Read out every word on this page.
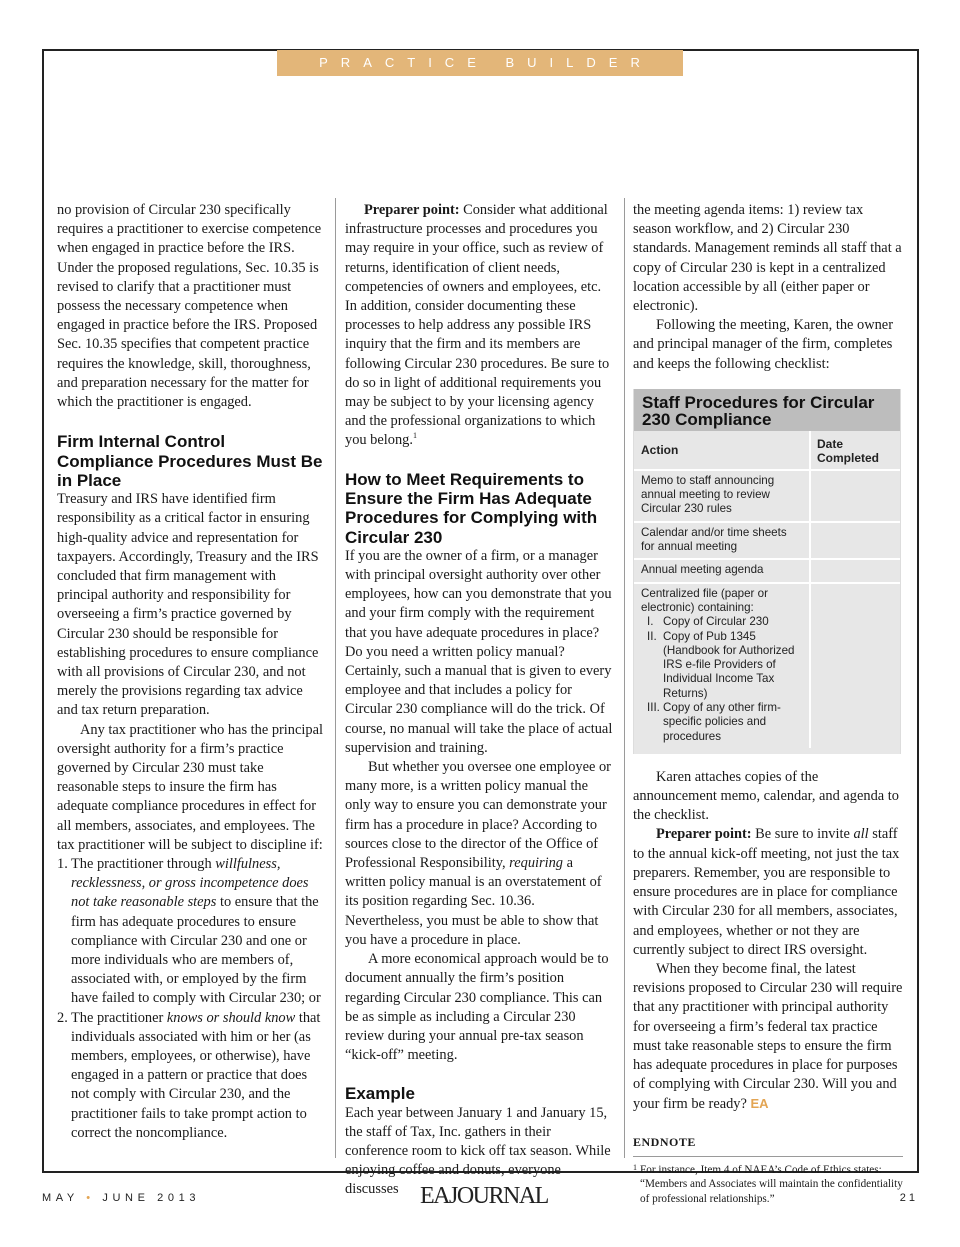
PRACTICE BUILDER

no provision of Circular 230 specifically requires a practitioner to exercise competence when engaged in practice before the IRS. Under the proposed regulations, Sec. 10.35 is revised to clarify that a practitioner must possess the necessary competence when engaged in practice before the IRS. Proposed Sec. 10.35 specifies that competent practice requires the knowledge, skill, thoroughness, and preparation necessary for the matter for which the practitioner is engaged.

Firm Internal Control Compliance Procedures Must Be in Place

Treasury and IRS have identified firm responsibility as a critical factor in ensuring high-quality advice and representation for taxpayers. Accordingly, Treasury and the IRS concluded that firm management with principal authority and responsibility for overseeing a firm’s practice governed by Circular 230 should be responsible for establishing procedures to ensure compliance with all provisions of Circular 230, and not merely the provisions regarding tax advice and tax return preparation.

Any tax practitioner who has the principal oversight authority for a firm’s practice governed by Circular 230 must take reasonable steps to insure the firm has adequate compliance procedures in effect for all members, associates, and employees. The tax practitioner will be subject to discipline if:

1. The practitioner through willfulness, recklessness, or gross incompetence does not take reasonable steps to ensure that the firm has adequate procedures to ensure compliance with Circular 230 and one or more individuals who are members of, associated with, or employed by the firm have failed to comply with Circular 230; or
2. The practitioner knows or should know that individuals associated with him or her (as members, employees, or otherwise), have engaged in a pattern or practice that does not comply with Circular 230, and the practitioner fails to take prompt action to correct the noncompliance.

Preparer point: Consider what additional infrastructure processes and procedures you may require in your office, such as review of returns, identification of client needs, competencies of owners and employees, etc. In addition, consider documenting these processes to help address any possible IRS inquiry that the firm and its members are following Circular 230 procedures. Be sure to do so in light of additional requirements you may be subject to by your licensing agency and the professional organizations to which you belong.$^1$

How to Meet Requirements to Ensure the Firm Has Adequate Procedures for Complying with Circular 230

If you are the owner of a firm, or a manager with principal oversight authority over other employees, how can you demonstrate that you and your firm comply with the requirement that you have adequate procedures in place? Do you need a written policy manual? Certainly, such a manual that is given to every employee and that includes a policy for Circular 230 compliance will do the trick. Of course, no manual will take the place of actual supervision and training.

But whether you oversee one employee or many more, is a written policy manual the only way to ensure you can demonstrate your firm has a procedure in place? According to sources close to the director of the Office of Professional Responsibility, requiring a written policy manual is an overstatement of its position regarding Sec. 10.36. Nevertheless, you must be able to show that you have a procedure in place.

A more economical approach would be to document annually the firm’s position regarding Circular 230 compliance. This can be as simple as including a Circular 230 review during your annual pre-tax season “kick-off” meeting.

Example

Each year between January 1 and January 15, the staff of Tax, Inc. gathers in their conference room to kick off tax season. While enjoying coffee and donuts, everyone discusses

the meeting agenda items: 1) review tax season workflow, and 2) Circular 230 standards. Management reminds all staff that a copy of Circular 230 is kept in a centralized location accessible by all (either paper or electronic).

Following the meeting, Karen, the owner and principal manager of the firm, completes and keeps the following checklist:

Staff Procedures for Circular 230 Compliance
Action	Date Completed
Memo to staff announcing annual meeting to review Circular 230 rules
Calendar and/or time sheets for annual meeting
Annual meeting agenda
Centralized file (paper or electronic) containing:
I. Copy of Circular 230
II. Copy of Pub 1345 (Handbook for Authorized IRS e-file Providers of Individual Income Tax Returns)
III. Copy of any other firm-specific policies and procedures

Karen attaches copies of the announcement memo, calendar, and agenda to the checklist.

Preparer point: Be sure to invite all staff to the annual kick-off meeting, not just the tax preparers. Remember, you are responsible to ensure procedures are in place for compliance with Circular 230 for all members, associates, and employees, whether or not they are currently subject to direct IRS oversight.

When they become final, the latest revisions proposed to Circular 230 will require that any practitioner with principal authority for overseeing a firm’s federal tax practice must take reasonable steps to ensure the firm has adequate procedures in place for purposes of complying with Circular 230. Will you and your firm be ready? EA

ENDNOTE
1 For instance, Item 4 of NAEA’s Code of Ethics states: “Members and Associates will maintain the confidentiality of professional relationships.”
MAY • JUNE 2013	EAJOURNAL	21
